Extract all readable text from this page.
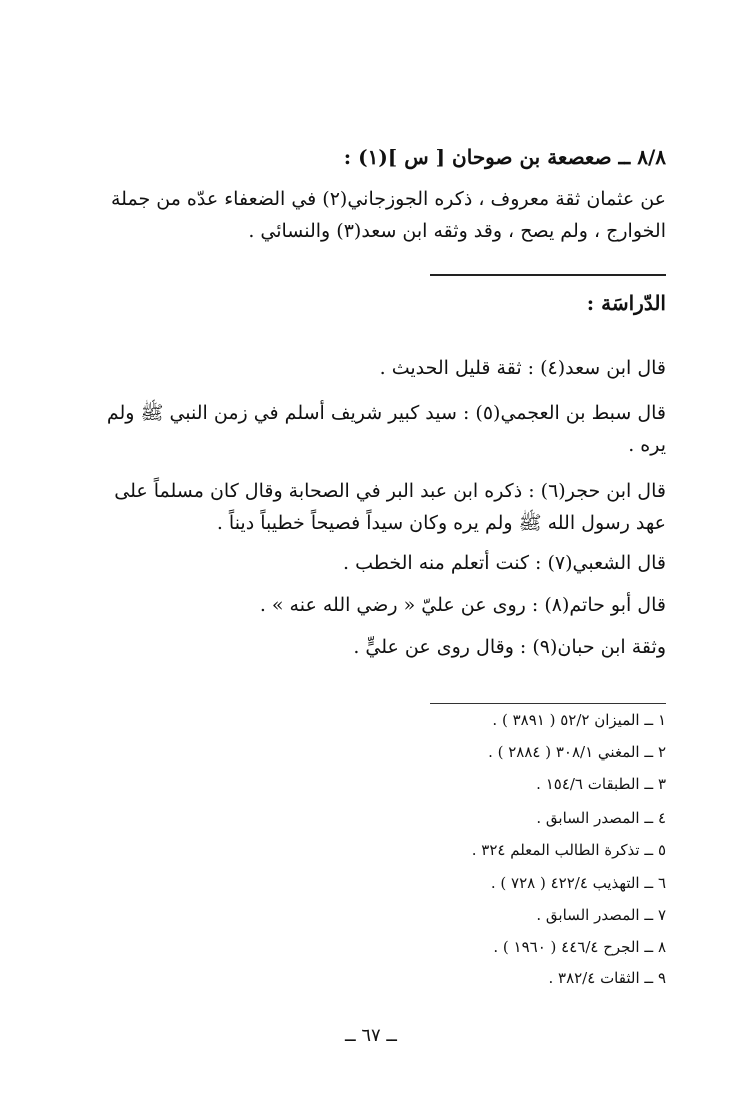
٨/٨ ــ صعصعة بن صوحان [ س ](١) :
عن عثمان ثقة معروف ، ذكره الجوزجاني(٢) في الضعفاء عدّه من جملة
الخوارج ، ولم يصح ، وقد وثقه ابن سعد(٣) والنسائي .
الدّراسَة :
قال ابن سعد(٤) : ثقة قليل الحديث .
قال سبط بن العجمي(٥) : سيد كبير شريف أسلم في زمن النبي ﷺ ولم
يره .
قال ابن حجر(٦) : ذكره ابن عبد البر في الصحابة وقال كان مسلماً على
عهد رسول الله ﷺ ولم يره وكان سيداً فصيحاً خطيباً ديناً .
قال الشعبي(٧) : كنت أتعلم منه الخطب .
قال أبو حاتم(٨) : روى عن عليّ « رضي الله عنه » .
وثقة ابن حبان(٩) : وقال روى عن عليٍّ .
١ ــ الميزان ٥٢/٢ ( ٣٨٩١ ) .
٢ ــ المغني ٣٠٨/١ ( ٢٨٨٤ ) .
٣ ــ الطبقات ١٥٤/٦ .
٤ ــ المصدر السابق .
٥ ــ تذكرة الطالب المعلم ٣٢٤ .
٦ ــ التهذيب ٤٢٢/٤ ( ٧٢٨ ) .
٧ ــ المصدر السابق .
٨ ــ الجرح ٤٤٦/٤ ( ١٩٦٠ ) .
٩ ــ الثقات ٣٨٢/٤ .
ــ ٦٧ ــ
